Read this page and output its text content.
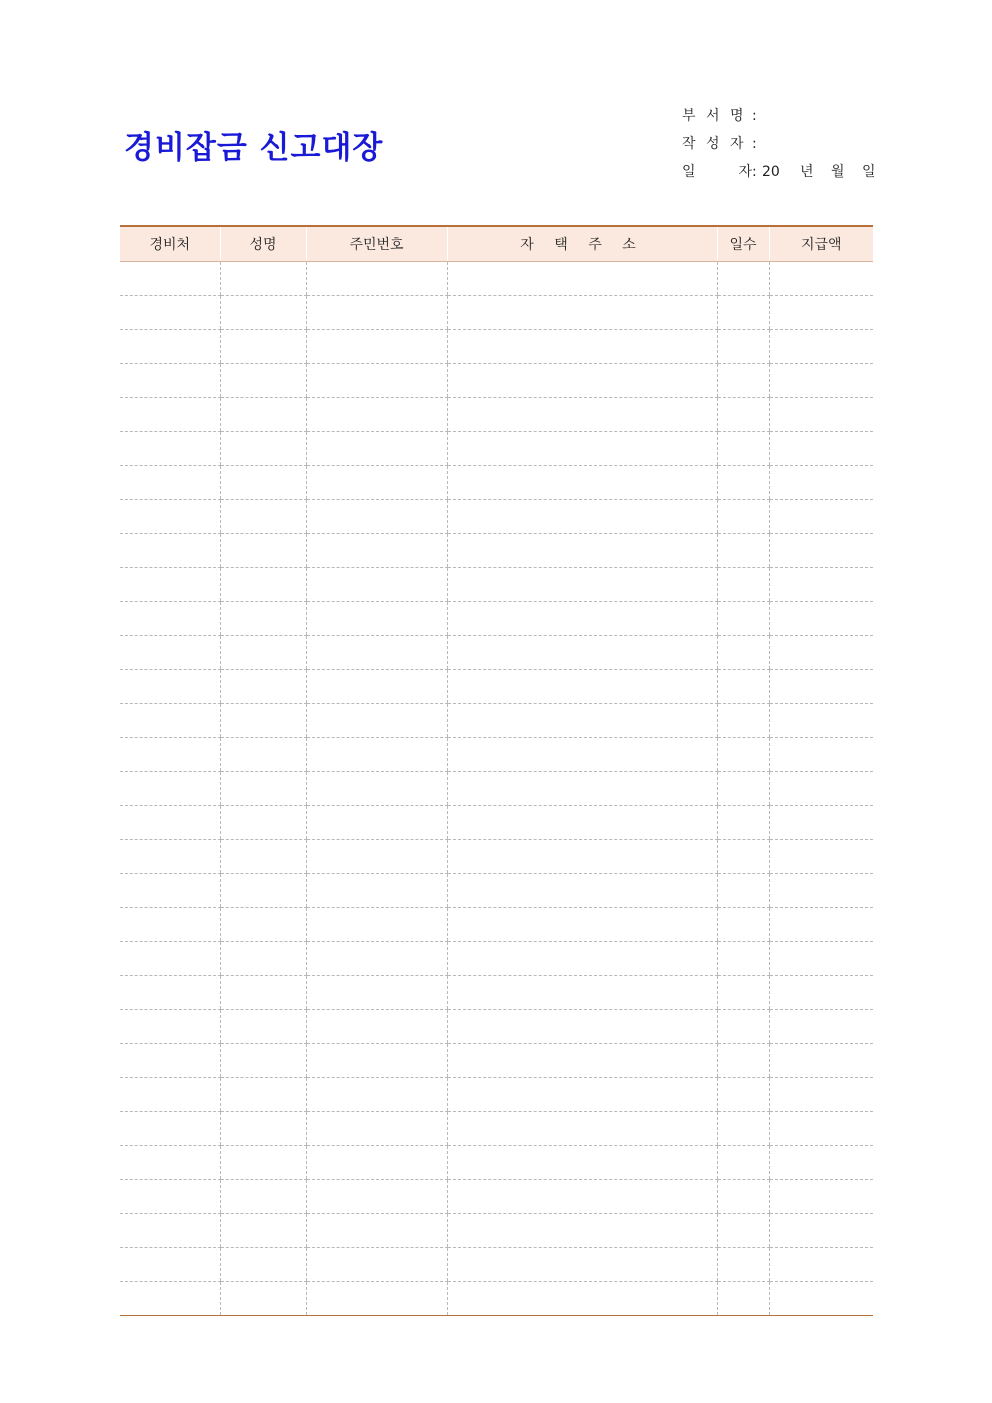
경비잡금 신고대장
부 서 명 :
작 성 자 :
일	자 : 20	년	월	일
경비처	성명	주민번호	자 택 주 소	일수	지급액
